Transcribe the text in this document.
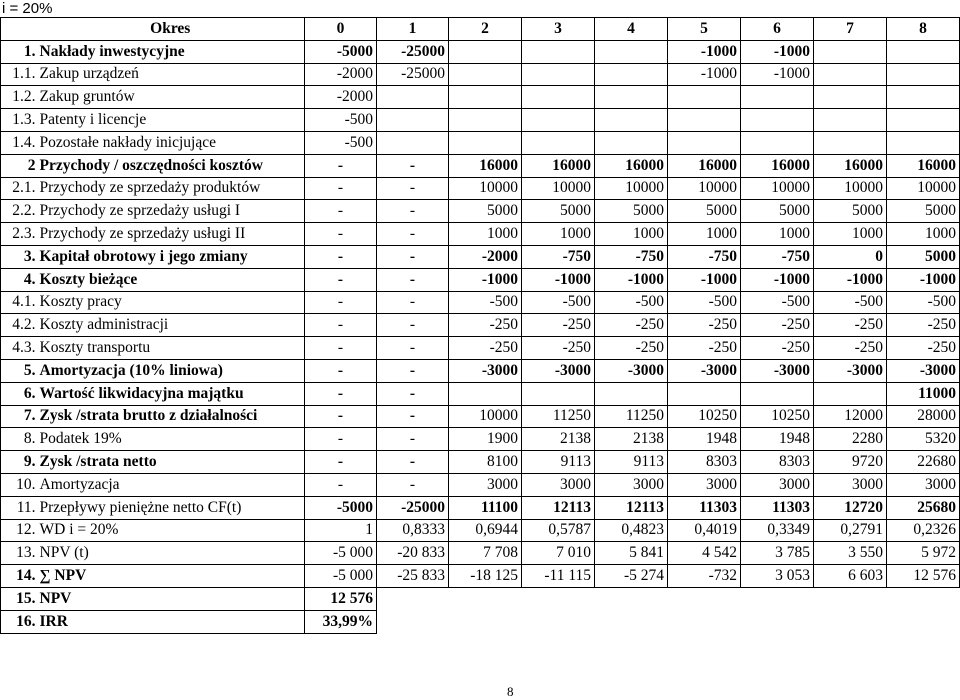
i = 20%
	Okres	0	1	2	3	4	5	6	7	8
1.	Nakłady inwestycyjne	-5000	-25000				-1000	-1000		
1.1.	Zakup urządzeń	-2000	-25000				-1000	-1000		
1.2.	Zakup gruntów	-2000								
1.3.	Patenty i licencje	-500								
1.4.	Pozostałe nakłady inicjujące	-500								
2	Przychody / oszczędności kosztów	-	-	16000	16000	16000	16000	16000	16000	16000
2.1.	Przychody ze sprzedaży produktów	-	-	10000	10000	10000	10000	10000	10000	10000
2.2.	Przychody ze sprzedaży usługi I	-	-	5000	5000	5000	5000	5000	5000	5000
2.3.	Przychody ze sprzedaży usługi II	-	-	1000	1000	1000	1000	1000	1000	1000
3.	Kapitał obrotowy i jego zmiany	-	-	-2000	-750	-750	-750	-750	0	5000
4.	Koszty bieżące	-	-	-1000	-1000	-1000	-1000	-1000	-1000	-1000
4.1.	Koszty pracy	-	-	-500	-500	-500	-500	-500	-500	-500
4.2.	Koszty administracji	-	-	-250	-250	-250	-250	-250	-250	-250
4.3.	Koszty transportu	-	-	-250	-250	-250	-250	-250	-250	-250
5.	Amortyzacja (10% liniowa)	-	-	-3000	-3000	-3000	-3000	-3000	-3000	-3000
6.	Wartość likwidacyjna majątku	-	-							11000
7.	Zysk /strata brutto z działalności	-	-	10000	11250	11250	10250	10250	12000	28000
8.	Podatek 19%	-	-	1900	2138	2138	1948	1948	2280	5320
9.	Zysk /strata netto	-	-	8100	9113	9113	8303	8303	9720	22680
10.	Amortyzacja	-	-	3000	3000	3000	3000	3000	3000	3000
11.	Przepływy pieniężne netto CF(t)	-5000	-25000	11100	12113	12113	11303	11303	12720	25680
12.	WD i = 20%	1	0,8333	0,6944	0,5787	0,4823	0,4019	0,3349	0,2791	0,2326
13.	NPV (t)	-5 000	-20 833	7 708	7 010	5 841	4 542	3 785	3 550	5 972
14.	∑ NPV	-5 000	-25 833	-18 125	-11 115	-5 274	-732	3 053	6 603	12 576
15.	NPV	12 576								
16.	IRR	33,99%								
8
